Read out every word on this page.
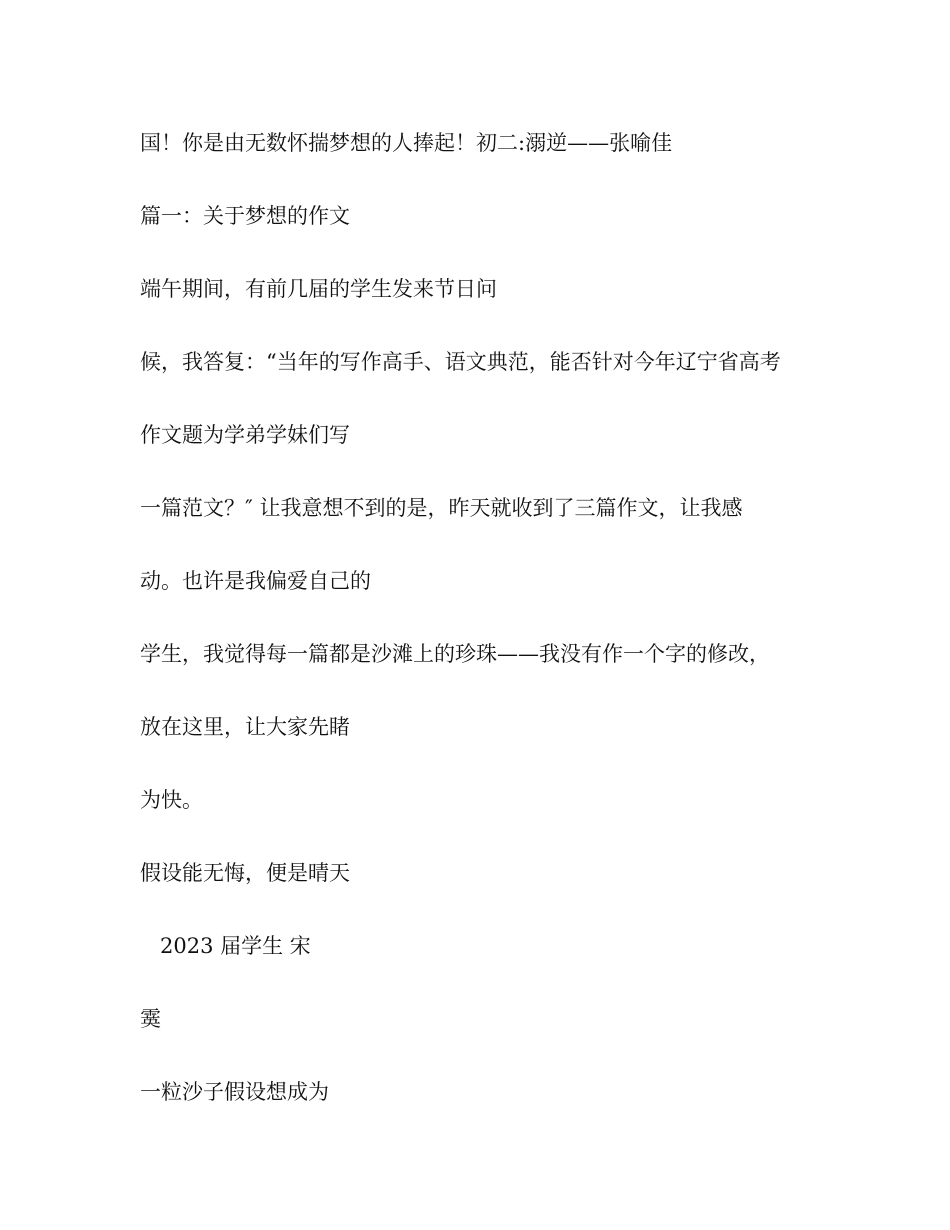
国！你是由无数怀揣梦想的人捧起！初二:溺逆——张喻佳

篇一：关于梦想的作文

端午期间，有前几届的学生发来节日问

候，我答复：“当年的写作高手、语文典范，能否针对今年辽宁省高考

作文题为学弟学妹们写

一篇范文？″ 让我意想不到的是，昨天就收到了三篇作文，让我感

动。也许是我偏爱自己的

学生，我觉得每一篇都是沙滩上的珍珠——我没有作一个字的修改，

放在这里，让大家先睹

为快。

假设能无悔，便是晴天

2023 届学生 宋

霙

一粒沙子假设想成为
